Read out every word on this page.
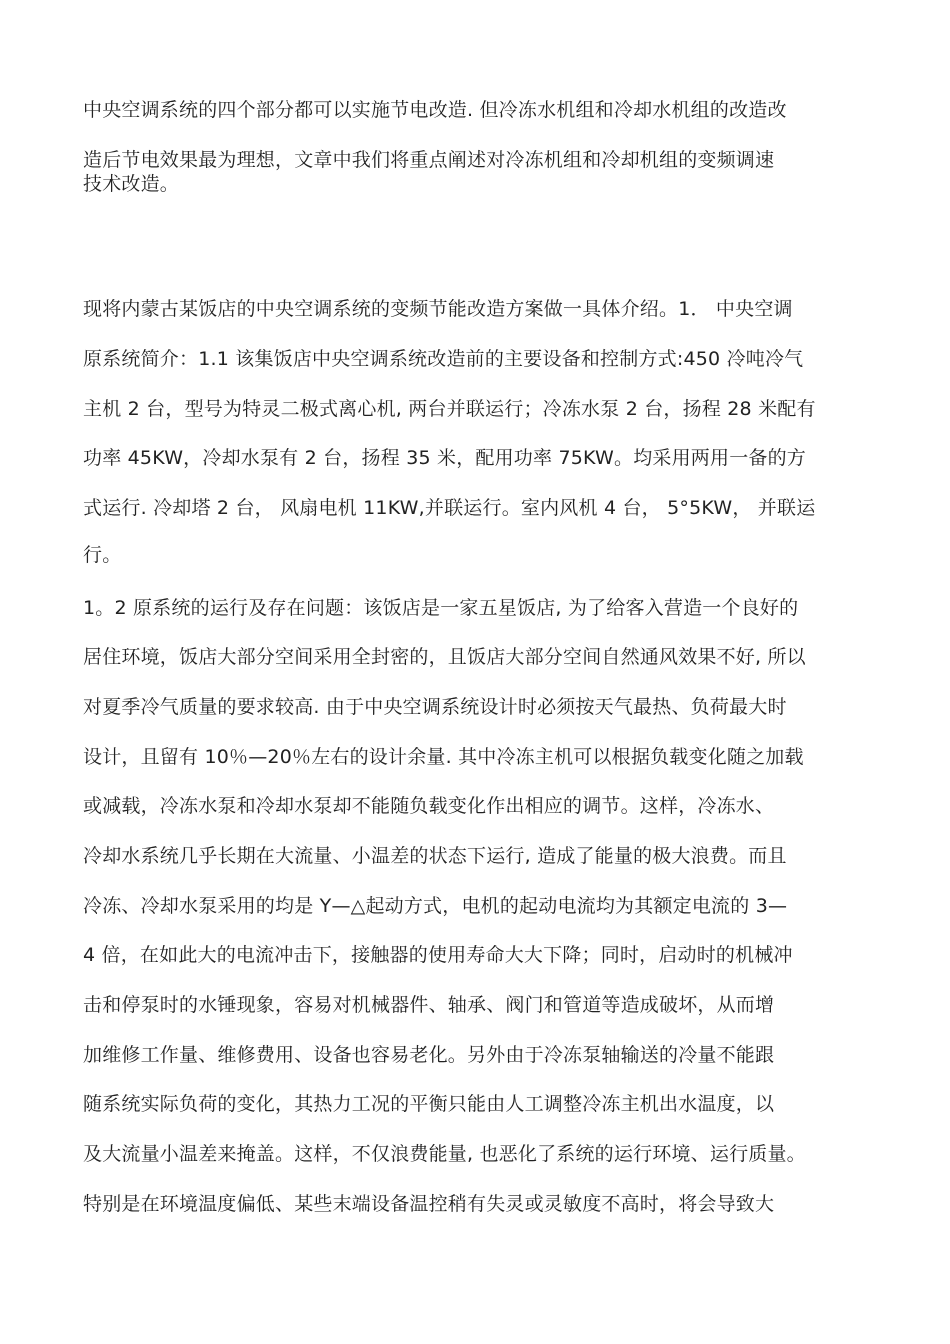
中央空调系统的四个部分都可以实施节电改造. 但冷冻水机组和冷却水机组的改造改
造后节电效果最为理想，文章中我们将重点阐述对冷冻机组和冷却机组的变频调速
技术改造。
现将内蒙古某饭店的中央空调系统的变频节能改造方案做一具体介绍。1． 中央空调
原系统简介：1.1 该集饭店中央空调系统改造前的主要设备和控制方式:450 冷吨冷气
主机 2 台，型号为特灵二极式离心机, 两台并联运行；冷冻水泵 2 台，扬程 28 米配有
功率 45KW，冷却水泵有 2 台，扬程 35 米，配用功率 75KW。均采用两用一备的方
式运行. 冷却塔 2 台， 风扇电机 11KW,并联运行。室内风机 4 台， 5°5KW， 并联运
行。
1。2 原系统的运行及存在问题：该饭店是一家五星饭店, 为了给客入营造一个良好的
居住环境，饭店大部分空间采用全封密的，且饭店大部分空间自然通风效果不好, 所以
对夏季冷气质量的要求较高. 由于中央空调系统设计时必须按天气最热、负荷最大时
设计，且留有 10％—20％左右的设计余量. 其中冷冻主机可以根据负载变化随之加载
或减载，冷冻水泵和冷却水泵却不能随负载变化作出相应的调节。这样，冷冻水、
冷却水系统几乎长期在大流量、小温差的状态下运行, 造成了能量的极大浪费。而且
冷冻、冷却水泵采用的均是 Y—△起动方式，电机的起动电流均为其额定电流的 3—
4 倍，在如此大的电流冲击下，接触器的使用寿命大大下降；同时，启动时的机械冲
击和停泵时的水锤现象，容易对机械器件、轴承、阀门和管道等造成破坏，从而增
加维修工作量、维修费用、设备也容易老化。另外由于冷冻泵轴输送的冷量不能跟
随系统实际负荷的变化，其热力工况的平衡只能由人工调整冷冻主机出水温度，以
及大流量小温差来掩盖。这样，不仅浪费能量, 也恶化了系统的运行环境、运行质量。
特别是在环境温度偏低、某些末端设备温控稍有失灵或灵敏度不高时，将会导致大
